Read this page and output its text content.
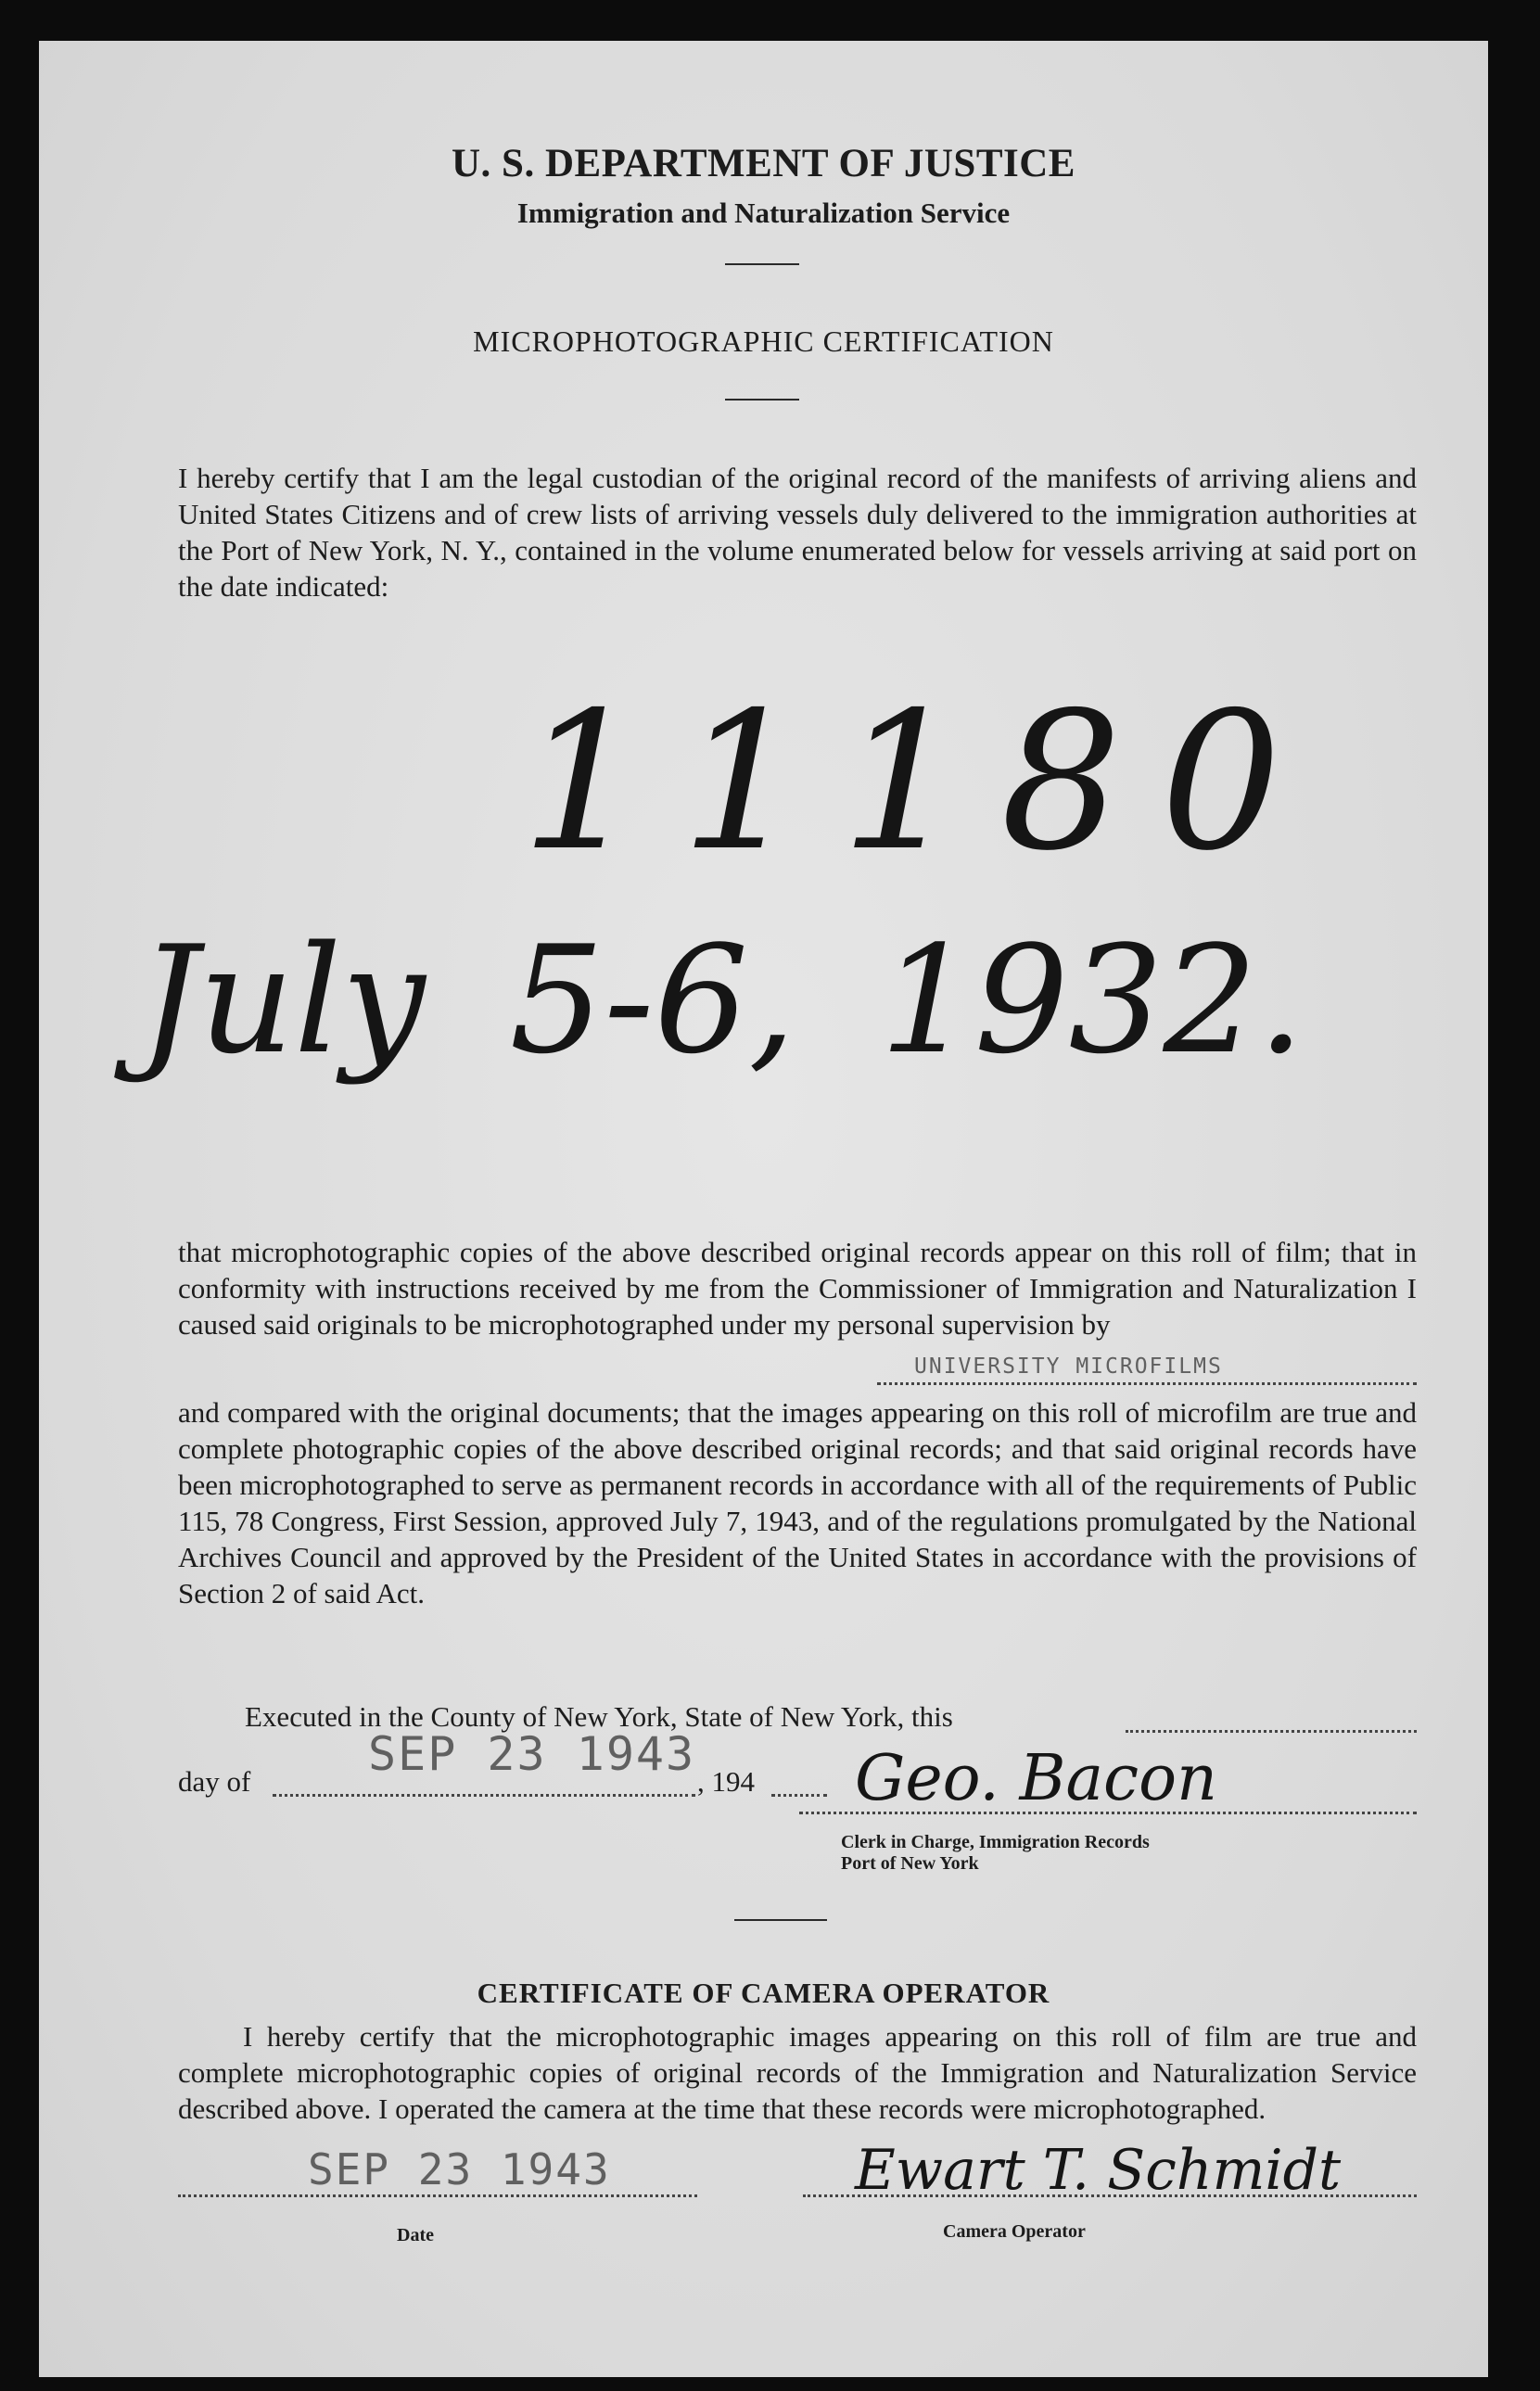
U. S. DEPARTMENT OF JUSTICE
Immigration and Naturalization Service
MICROPHOTOGRAPHIC CERTIFICATION
I hereby certify that I am the legal custodian of the original record of the manifests of arriving aliens and United States Citizens and of crew lists of arriving vessels duly delivered to the immigration authorities at the Port of New York, N. Y., contained in the volume enumerated below for vessels arriving at said port on the date indicated:
11180
July 5-6, 1932.
that microphotographic copies of the above described original records appear on this roll of film; that in conformity with instructions received by me from the Commissioner of Immigration and Naturalization I caused said originals to be microphotographed under my personal supervision by
UNIVERSITY MICROFILMS
and compared with the original documents; that the images appearing on this roll of microfilm are true and complete photographic copies of the above described original records; and that said original records have been microphotographed to serve as permanent records in accordance with all of the requirements of Public 115, 78 Congress, First Session, approved July 7, 1943, and of the regulations promulgated by the National Archives Council and approved by the President of the United States in accordance with the provisions of Section 2 of said Act.
Executed in the County of New York, State of New York, this
day of
SEP 23 1943
, 194 Geo. Bacon
Clerk in Charge, Immigration Records
Port of New York
CERTIFICATE OF CAMERA OPERATOR
I hereby certify that the microphotographic images appearing on this roll of film are true and complete microphotographic copies of original records of the Immigration and Naturalization Service described above. I operated the camera at the time that these records were microphotographed.
SEP 23 1943
Date
Ewart T. Schmidt
Camera Operator
